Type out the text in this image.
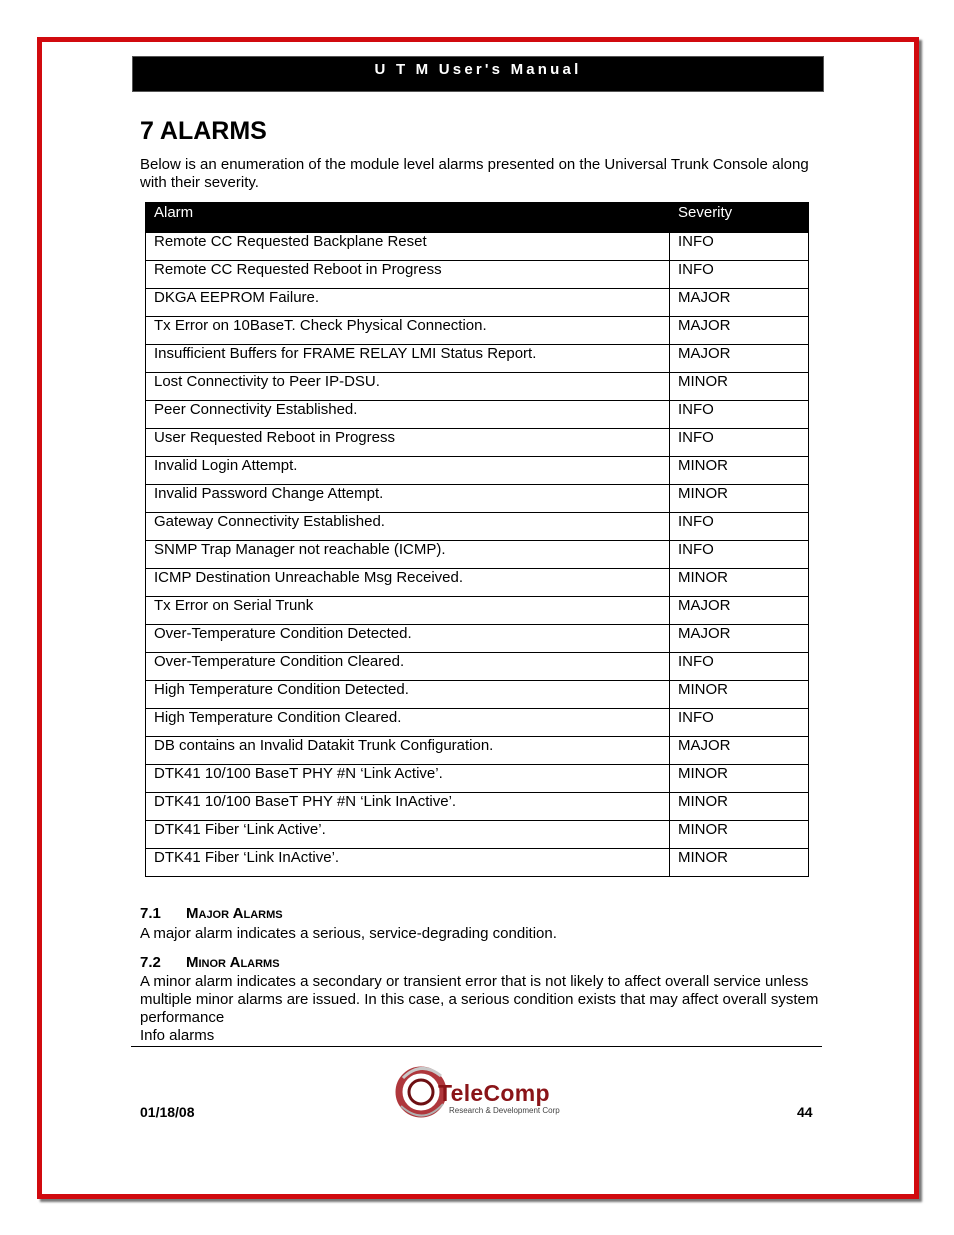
U T M User's Manual
7 ALARMS

Below is an enumeration of the module level alarms presented on the Universal Trunk Console along with their severity.

Alarm	Severity
Remote CC Requested Backplane Reset	INFO
Remote CC Requested Reboot in Progress	INFO
DKGA EEPROM Failure.	MAJOR
Tx Error on 10BaseT. Check Physical Connection.	MAJOR
Insufficient Buffers for FRAME RELAY LMI Status Report.	MAJOR
Lost Connectivity to Peer IP-DSU.	MINOR
Peer Connectivity Established.	INFO
User Requested Reboot in Progress	INFO
Invalid Login Attempt.	MINOR
Invalid Password Change Attempt.	MINOR
Gateway Connectivity Established.	INFO
SNMP Trap Manager not reachable (ICMP).	INFO
ICMP Destination Unreachable Msg Received.	MINOR
Tx Error on Serial Trunk	MAJOR
Over-Temperature Condition Detected.	MAJOR
Over-Temperature Condition Cleared.	INFO
High Temperature Condition Detected.	MINOR
High Temperature Condition Cleared.	INFO
DB contains an Invalid Datakit Trunk Configuration.	MAJOR
DTK41 10/100 BaseT PHY #N ‘Link Active’.	MINOR
DTK41 10/100 BaseT PHY #N ‘Link InActive’.	MINOR
DTK41 Fiber ‘Link Active’.	MINOR
DTK41 Fiber ‘Link InActive’.	MINOR
7.1 Major Alarms

A major alarm indicates a serious, service-degrading condition.

7.2 Minor Alarms

A minor alarm indicates a secondary or transient error that is not likely to affect overall service unless multiple minor alarms are issued. In this case, a serious condition exists that may affect overall system performance

Info alarms

01/18/08
TeleComp
Research & Development Corp	44
